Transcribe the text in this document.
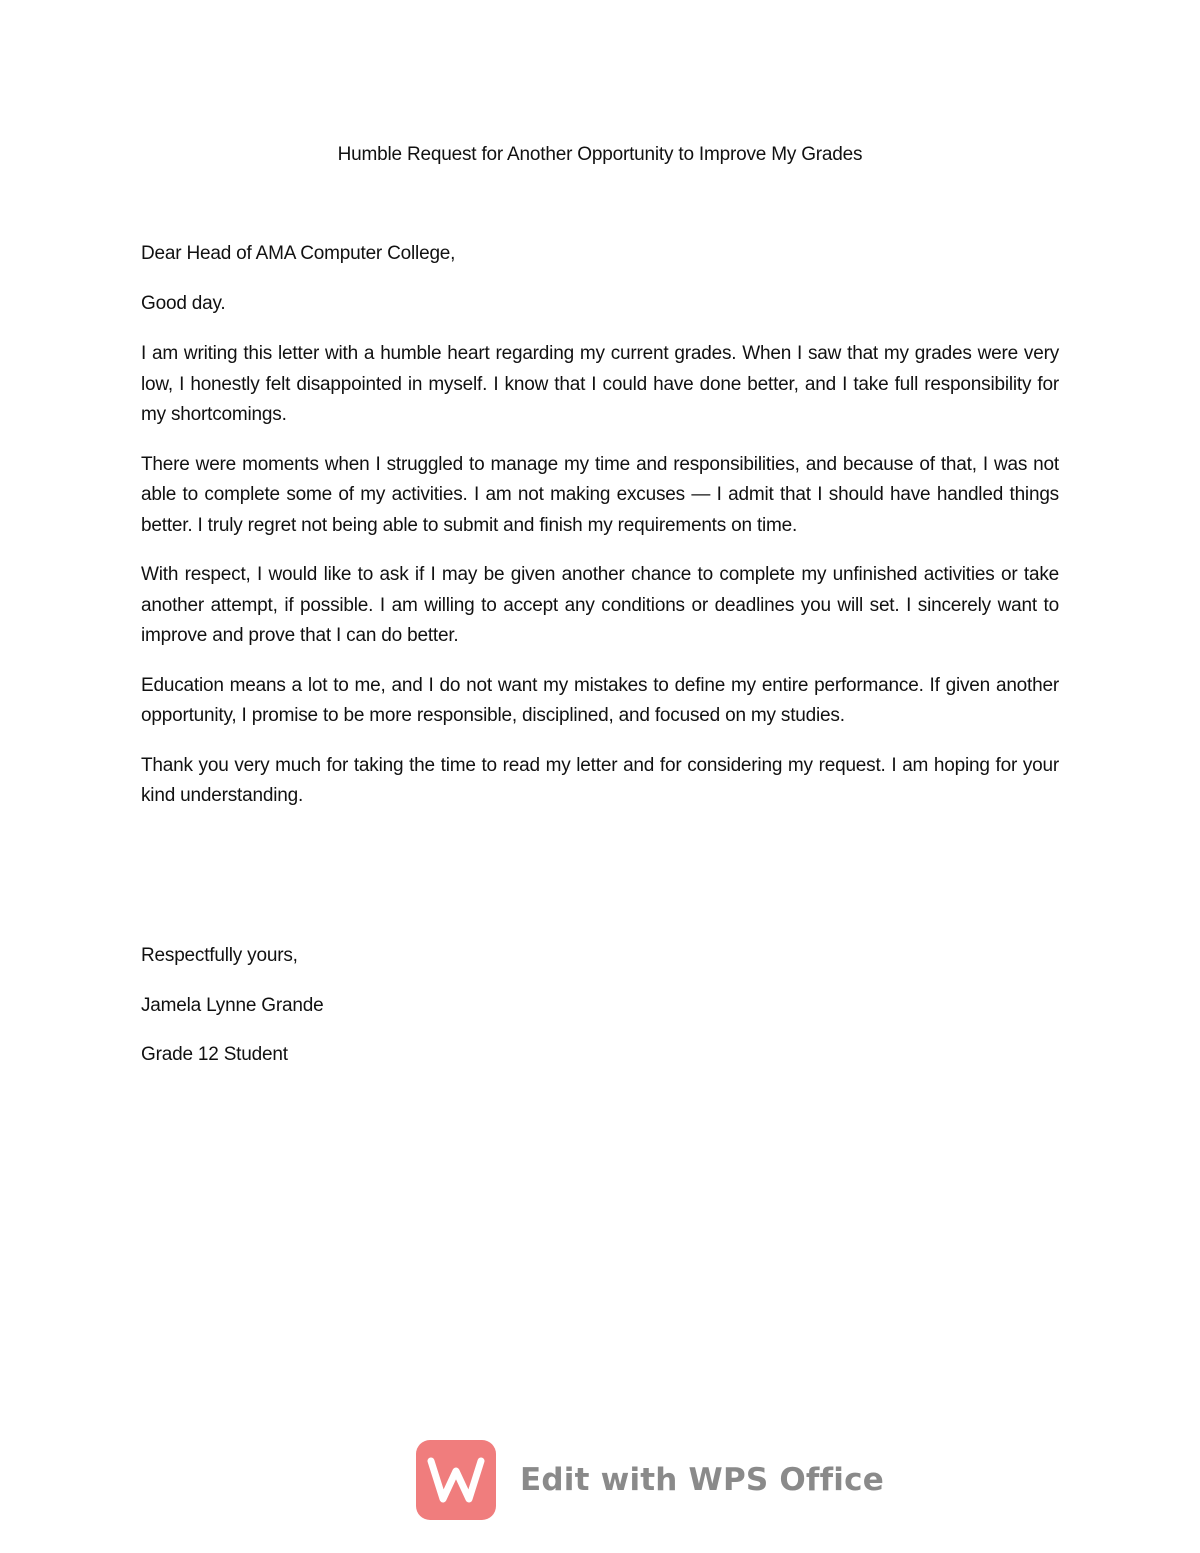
Humble Request for Another Opportunity to Improve My Grades

Dear Head of AMA Computer College,

Good day.

I am writing this letter with a humble heart regarding my current grades. When I saw that my grades were very low, I honestly felt disappointed in myself. I know that I could have done better, and I take full responsibility for my shortcomings.

There were moments when I struggled to manage my time and responsibilities, and because of that, I was not able to complete some of my activities. I am not making excuses — I admit that I should have handled things better. I truly regret not being able to submit and finish my requirements on time.

With respect, I would like to ask if I may be given another chance to complete my unfinished activities or take another attempt, if possible. I am willing to accept any conditions or deadlines you will set. I sincerely want to improve and prove that I can do better.

Education means a lot to me, and I do not want my mistakes to define my entire performance. If given another opportunity, I promise to be more responsible, disciplined, and focused on my studies.

Thank you very much for taking the time to read my letter and for considering my request. I am hoping for your kind understanding.

Respectfully yours,

Jamela Lynne Grande

Grade 12 Student

Edit with WPS Office
